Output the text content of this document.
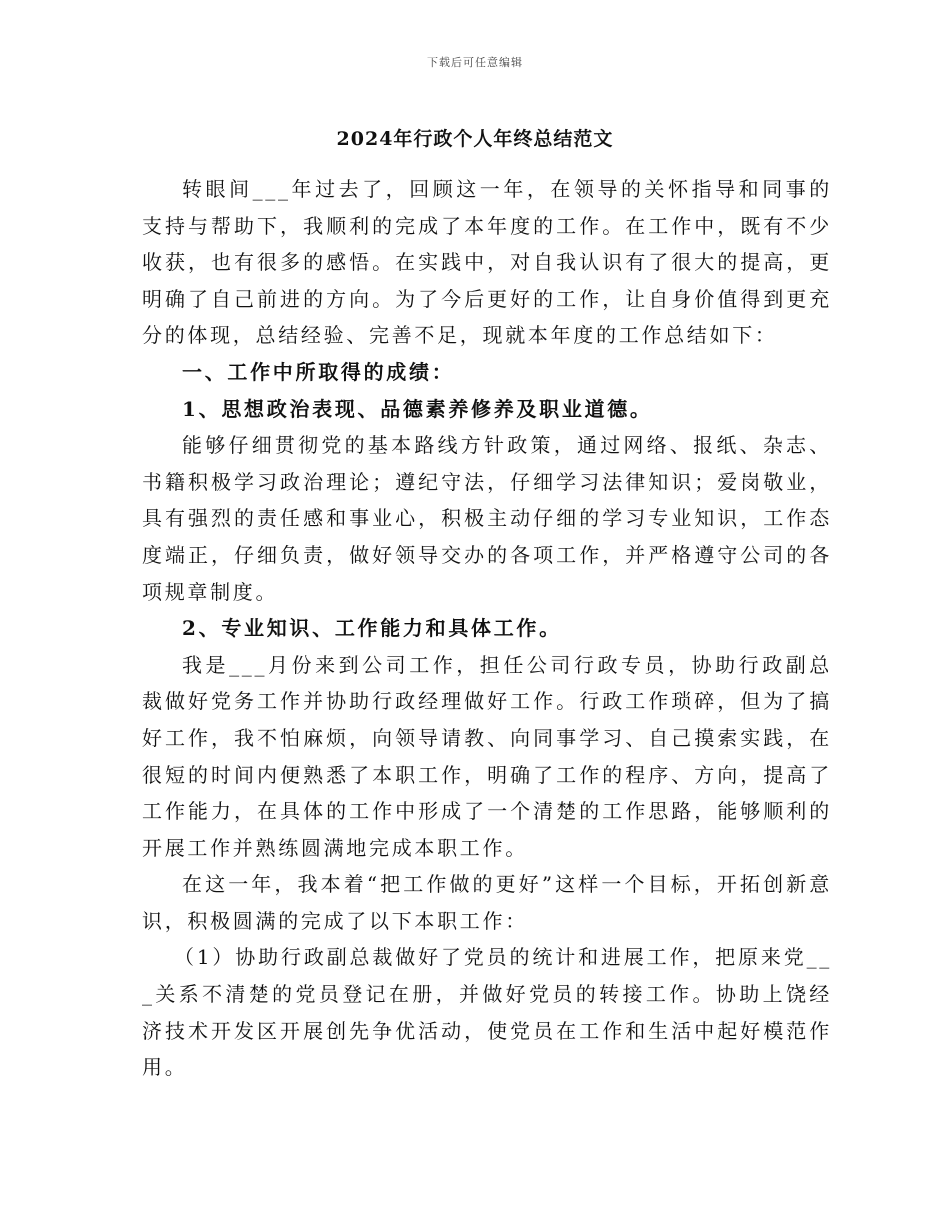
下载后可任意编辑
2024年行政个人年终总结范文

转眼间___年过去了，回顾这一年，在领导的关怀指导和同事的支持与帮助下，我顺利的完成了本年度的工作。在工作中，既有不少收获，也有很多的感悟。在实践中，对自我认识有了很大的提高，更明确了自己前进的方向。为了今后更好的工作，让自身价值得到更充分的体现，总结经验、完善不足，现就本年度的工作总结如下：

一、工作中所取得的成绩：

1、思想政治表现、品德素养修养及职业道德。

能够仔细贯彻党的基本路线方针政策，通过网络、报纸、杂志、书籍积极学习政治理论；遵纪守法，仔细学习法律知识；爱岗敬业，具有强烈的责任感和事业心，积极主动仔细的学习专业知识，工作态度端正，仔细负责，做好领导交办的各项工作，并严格遵守公司的各项规章制度。

2、专业知识、工作能力和具体工作。

我是___月份来到公司工作，担任公司行政专员，协助行政副总裁做好党务工作并协助行政经理做好工作。行政工作琐碎，但为了搞好工作，我不怕麻烦，向领导请教、向同事学习、自己摸索实践，在很短的时间内便熟悉了本职工作，明确了工作的程序、方向，提高了工作能力，在具体的工作中形成了一个清楚的工作思路，能够顺利的开展工作并熟练圆满地完成本职工作。

在这一年，我本着“把工作做的更好”这样一个目标，开拓创新意识，积极圆满的完成了以下本职工作：

（1）协助行政副总裁做好了党员的统计和进展工作，把原来党___关系不清楚的党员登记在册，并做好党员的转接工作。协助上饶经济技术开发区开展创先争优活动，使党员在工作和生活中起好模范作用。
